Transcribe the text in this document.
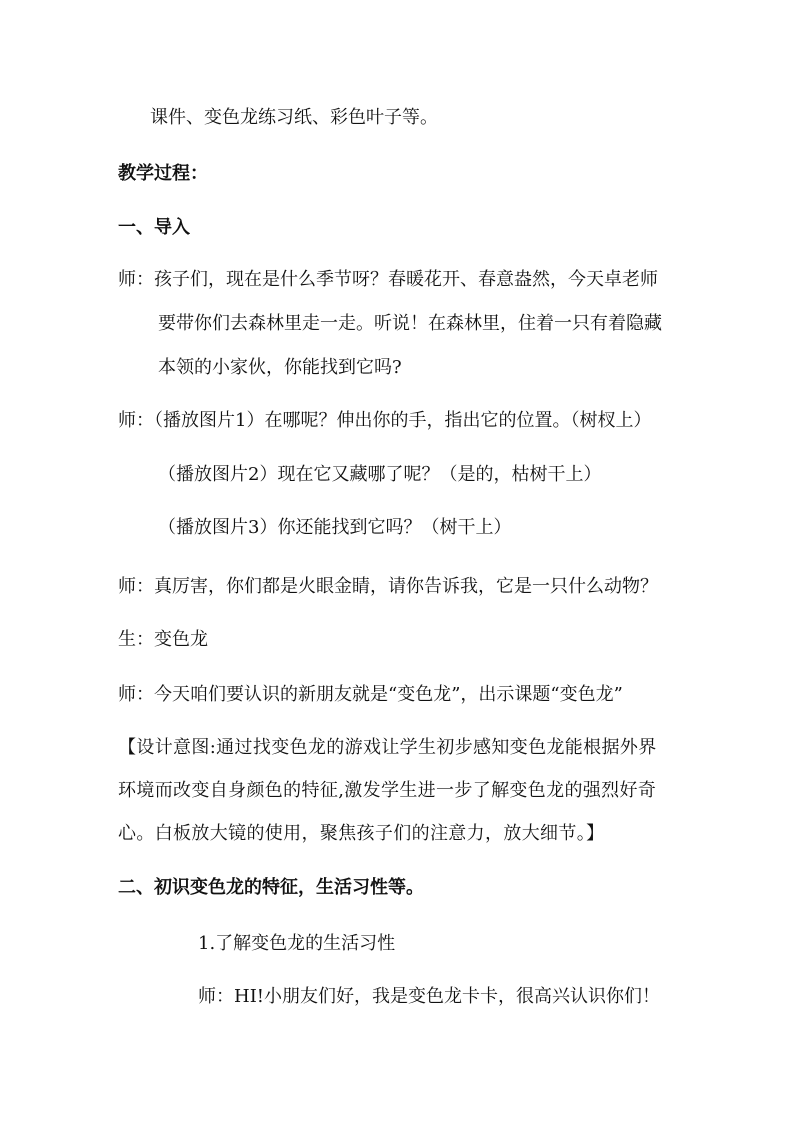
课件、变色龙练习纸、彩色叶子等。
教学过程：
一、导入
师：孩子们，现在是什么季节呀？春暖花开、春意盎然，今天卓老师
要带你们去森林里走一走。听说！在森林里，住着一只有着隐藏
本领的小家伙，你能找到它吗?
师：（播放图片1）在哪呢？伸出你的手，指出它的位置。（树杈上）
（播放图片2）现在它又藏哪了呢？（是的，枯树干上）
（播放图片3）你还能找到它吗？（树干上）
师：真厉害，你们都是火眼金睛，请你告诉我，它是一只什么动物？
生：变色龙
师：今天咱们要认识的新朋友就是“变色龙”，出示课题“变色龙”
【设计意图:通过找变色龙的游戏让学生初步感知变色龙能根据外界
环境而改变自身颜色的特征,激发学生进一步了解变色龙的强烈好奇
心。白板放大镜的使用，聚焦孩子们的注意力，放大细节。】
二、初识变色龙的特征，生活习性等。
1.了解变色龙的生活习性
师：HI!小朋友们好，我是变色龙卡卡，很高兴认识你们！
